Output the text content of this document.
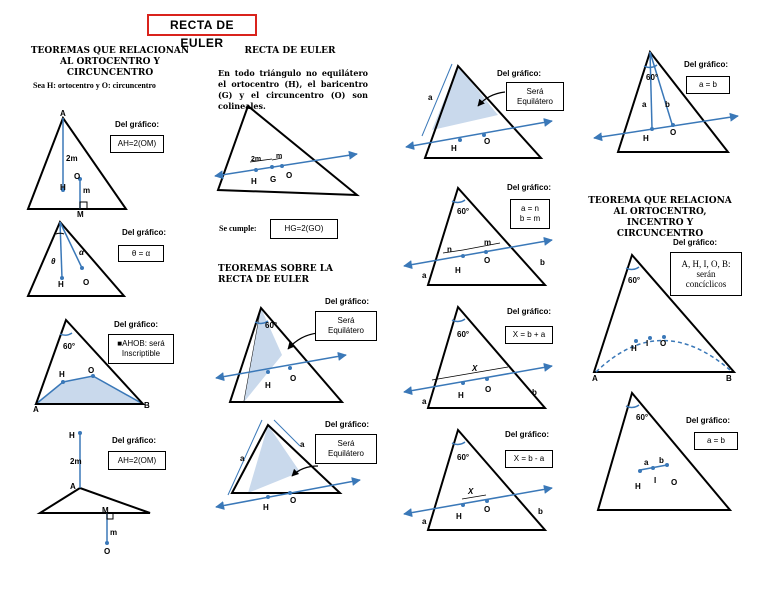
RECTA DE EULER
TEOREMAS QUE RELACIONAN AL ORTOCENTRO Y CIRCUNCENTRO
Sea H: ortocentro y O: circuncentro
Del gráfico:
AH=2(OM)
A
2m
H
O
m
M
Del gráfico:
θ = α
θ
α
H O
Del gráfico:
■AHOB: será Inscriptible
60°
H	O
A	B
Del gráfico:
AH=2(OM)
H
2m
A
M
m
O
RECTA DE EULER
En todo triángulo no equilátero el ortocentro (H), el baricentro (G) y el circuncentro (O) son colineales.
2m m
H G O
Se cumple:	HG=2(GO)
TEOREMAS SOBRE LA RECTA DE EULER
Del gráfico:
Será Equilátero
60°
H
O
Del gráfico:
Será Equilátero
a
a
H
O
Del gráfico:
Será Equilátero
a
H
O
Del gráfico:
a = n
b = m
60°
n
m
a
b
H
O
Del gráfico:
X = b + a
60°
X
a
b
H
O
Del gráfico:
X = b - a
60°
X
a
b
H
O
Del gráfico:
a = b
60°
a b
H
O
TEOREMA QUE RELACIONA AL ORTOCENTRO, INCENTRO Y CIRCUNCENTRO
Del gráfico:
A, H, I, O, B: serán concíclicos
60°
H
I O
A	B
Del gráfico:
a = b
60°
a b
H
I O
